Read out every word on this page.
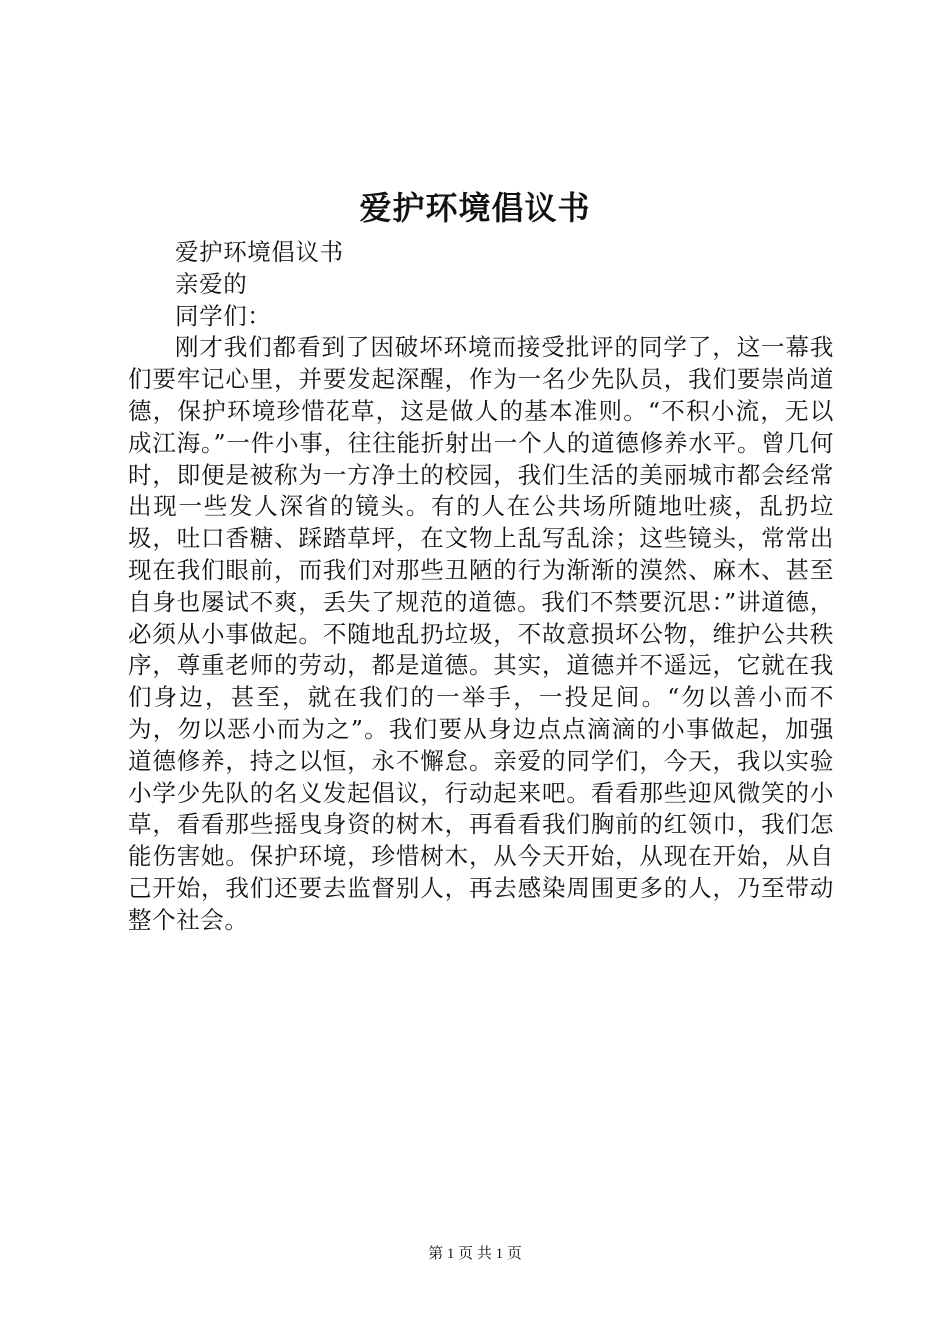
爱护环境倡议书

爱护环境倡议书

亲爱的

同学们：

刚才我们都看到了因破坏环境而接受批评的同学了，这一幕我们要牢记心里，并要发起深醒，作为一名少先队员，我们要崇尚道德，保护环境珍惜花草，这是做人的基本准则。“不积小流，无以成江海。”一件小事，往往能折射出一个人的道德修养水平。曾几何时，即便是被称为一方净土的校园，我们生活的美丽城市都会经常出现一些发人深省的镜头。有的人在公共场所随地吐痰，乱扔垃圾，吐口香糖、踩踏草坪，在文物上乱写乱涂；这些镜头，常常出现在我们眼前，而我们对那些丑陋的行为渐渐的漠然、麻木、甚至自身也屡试不爽，丢失了规范的道德。我们不禁要沉思：”讲道德，必须从小事做起。不随地乱扔垃圾，不故意损坏公物，维护公共秩序，尊重老师的劳动，都是道德。其实，道德并不遥远，它就在我们身边，甚至，就在我们的一举手，一投足间。“勿以善小而不为，勿以恶小而为之”。我们要从身边点点滴滴的小事做起，加强道德修养，持之以恒，永不懈怠。亲爱的同学们，今天，我以实验小学少先队的名义发起倡议，行动起来吧。看看那些迎风微笑的小草，看看那些摇曳身资的树木，再看看我们胸前的红领巾，我们怎能伤害她。保护环境，珍惜树木，从今天开始，从现在开始，从自己开始，我们还要去监督别人，再去感染周围更多的人，乃至带动整个社会。

第 1 页 共 1 页
